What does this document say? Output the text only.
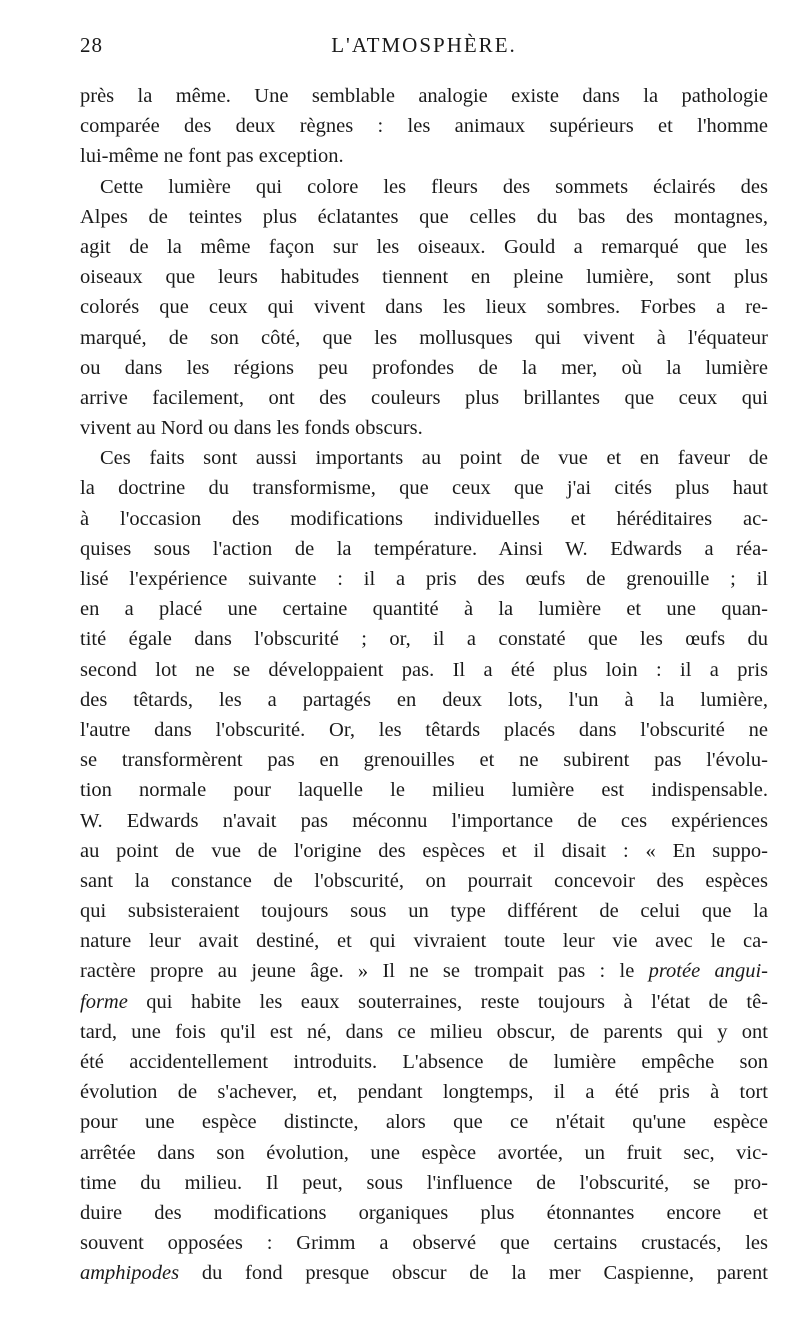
28	L'ATMOSPHÈRE.
près la même. Une semblable analogie existe dans la pathologie
comparée des deux règnes : les animaux supérieurs et l'homme
lui-même ne font pas exception.
Cette lumière qui colore les fleurs des sommets éclairés des
Alpes de teintes plus éclatantes que celles du bas des montagnes,
agit de la même façon sur les oiseaux. Gould a remarqué que les
oiseaux que leurs habitudes tiennent en pleine lumière, sont plus
colorés que ceux qui vivent dans les lieux sombres. Forbes a re-
marqué, de son côté, que les mollusques qui vivent à l'équateur
ou dans les régions peu profondes de la mer, où la lumière
arrive facilement, ont des couleurs plus brillantes que ceux qui
vivent au Nord ou dans les fonds obscurs.
Ces faits sont aussi importants au point de vue et en faveur de
la doctrine du transformisme, que ceux que j'ai cités plus haut
à l'occasion des modifications individuelles et héréditaires ac-
quises sous l'action de la température. Ainsi W. Edwards a réa-
lisé l'expérience suivante : il a pris des œufs de grenouille ; il
en a placé une certaine quantité à la lumière et une quan-
tité égale dans l'obscurité ; or, il a constaté que les œufs du
second lot ne se développaient pas. Il a été plus loin : il a pris
des têtards, les a partagés en deux lots, l'un à la lumière,
l'autre dans l'obscurité. Or, les têtards placés dans l'obscurité ne
se transformèrent pas en grenouilles et ne subirent pas l'évolu-
tion normale pour laquelle le milieu lumière est indispensable.
W. Edwards n'avait pas méconnu l'importance de ces expériences
au point de vue de l'origine des espèces et il disait : « En suppo-
sant la constance de l'obscurité, on pourrait concevoir des espèces
qui subsisteraient toujours sous un type différent de celui que la
nature leur avait destiné, et qui vivraient toute leur vie avec le ca-
ractère propre au jeune âge. » Il ne se trompait pas : le protée angui-
forme qui habite les eaux souterraines, reste toujours à l'état de tê-
tard, une fois qu'il est né, dans ce milieu obscur, de parents qui y ont
été accidentellement introduits. L'absence de lumière empêche son
évolution de s'achever, et, pendant longtemps, il a été pris à tort
pour une espèce distincte, alors que ce n'était qu'une espèce
arrêtée dans son évolution, une espèce avortée, un fruit sec, vic-
time du milieu. Il peut, sous l'influence de l'obscurité, se pro-
duire des modifications organiques plus étonnantes encore et
souvent opposées : Grimm a observé que certains crustacés, les
amphipodes du fond presque obscur de la mer Caspienne, parent
